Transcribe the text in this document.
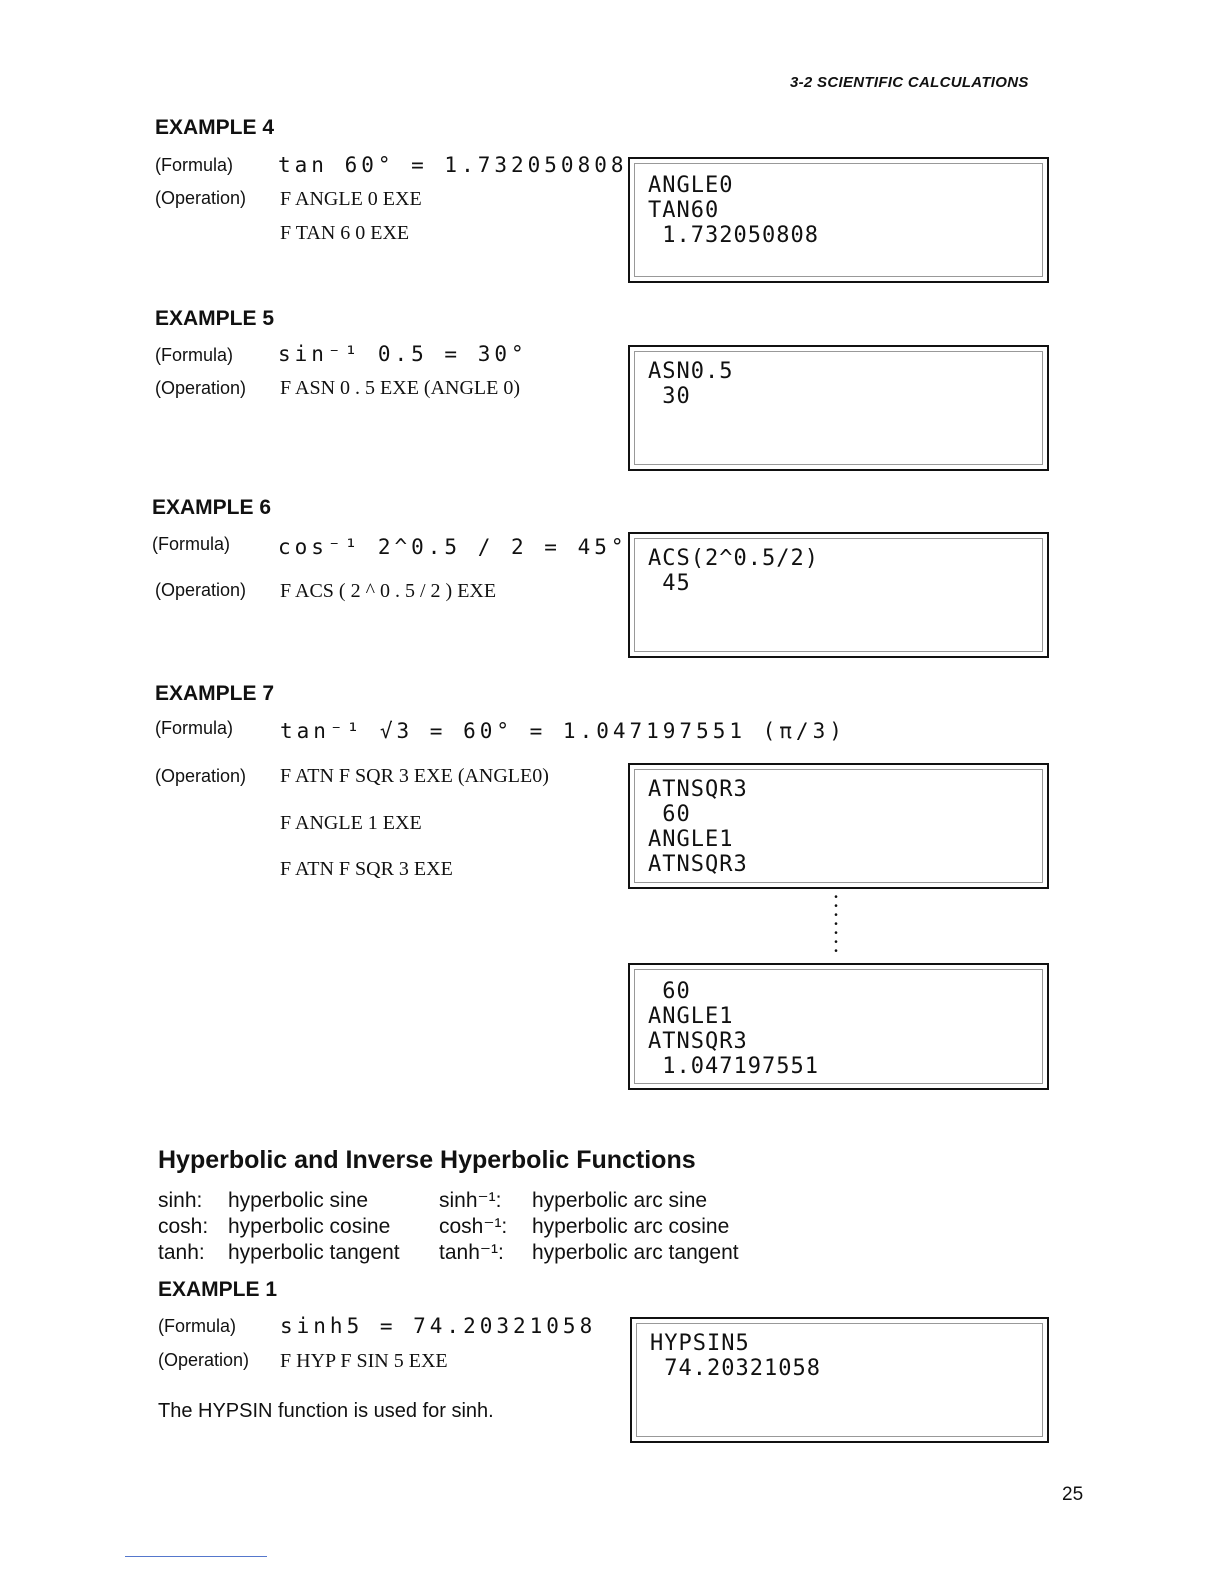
3-2 SCIENTIFIC CALCULATIONS
EXAMPLE 4
(Formula) tan 60° = 1.732050808
(Operation) F ANGLE 0 EXE
F TAN 6 0 EXE
ANGLE0
TAN60
1.732050808
EXAMPLE 5
(Formula) sin⁻¹ 0.5 = 30°
(Operation) F ASN 0 . 5 EXE (ANGLE 0)
ASN0.5
30
EXAMPLE 6
(Formula) cos⁻¹ 2^0.5 / 2 = 45°
(Operation) F ACS ( 2 ^ 0 . 5 / 2 ) EXE
ACS(2^0.5/2)
45
EXAMPLE 7
(Formula) tan⁻¹ √3 = 60° = 1.047197551 (π/3)
(Operation) F ATN F SQR 3 EXE (ANGLE0)
F ANGLE 1 EXE
F ATN F SQR 3 EXE
ATNSQR3
60
ANGLE1
ATNSQR3
•
•
•
•
•
•
•
60
ANGLE1
ATNSQR3
1.047197551
Hyperbolic and Inverse Hyperbolic Functions
sinh: hyperbolic sine	sinh⁻¹: hyperbolic arc sine
cosh: hyperbolic cosine cosh⁻¹: hyperbolic arc cosine
tanh: hyperbolic tangent tanh⁻¹: hyperbolic arc tangent
EXAMPLE 1
(Formula) sinh5 = 74.20321058
(Operation) F HYP F SIN 5 EXE
The HYPSIN function is used for sinh.
HYPSIN5
74.20321058
25
